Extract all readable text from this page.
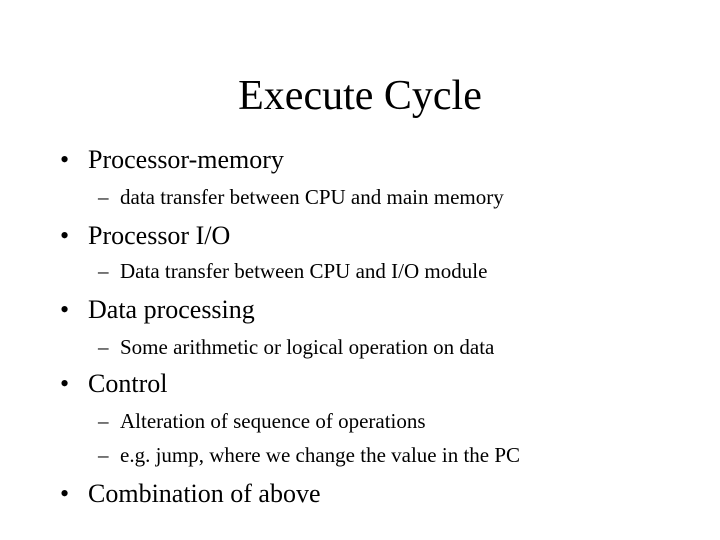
Execute Cycle
• Processor-memory
– data transfer between CPU and main memory
• Processor I/O
– Data transfer between CPU and I/O module
• Data processing
– Some arithmetic or logical operation on data
• Control
– Alteration of sequence of operations
– e.g. jump, where we change the value in the PC
• Combination of above
